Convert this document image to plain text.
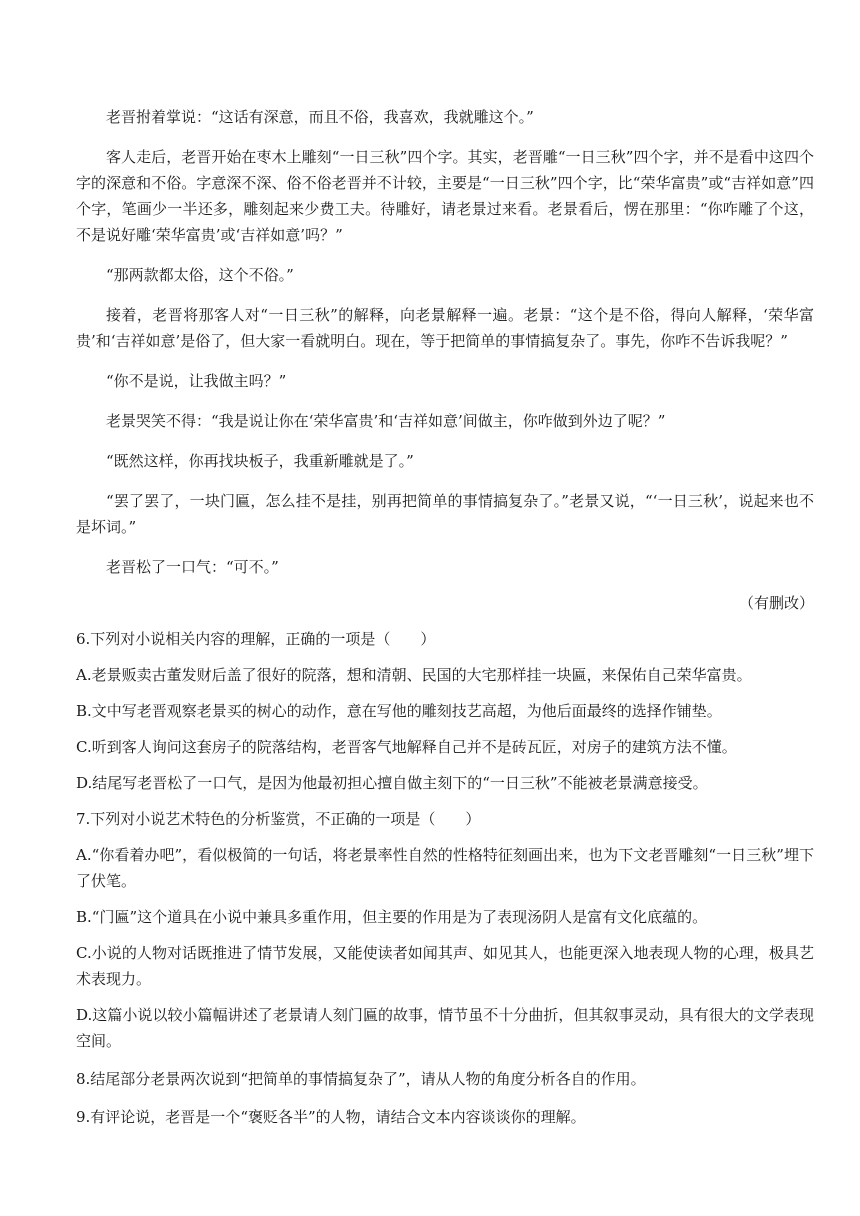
老晋拊着掌说：“这话有深意，而且不俗，我喜欢，我就雕这个。”

客人走后，老晋开始在枣木上雕刻“一日三秋”四个字。其实，老晋雕“一日三秋”四个字，并不是看中这四个字的深意和不俗。字意深不深、俗不俗老晋并不计较，主要是“一日三秋”四个字，比“荣华富贵”或“吉祥如意”四个字，笔画少一半还多，雕刻起来少费工夫。待雕好，请老景过来看。老景看后，愣在那里：“你咋雕了个这，不是说好雕‘荣华富贵’或‘吉祥如意’吗？”

“那两款都太俗，这个不俗。”

接着，老晋将那客人对“一日三秋”的解释，向老景解释一遍。老景：“这个是不俗，得向人解释，‘荣华富贵’和‘吉祥如意’是俗了，但大家一看就明白。现在，等于把简单的事情搞复杂了。事先，你咋不告诉我呢？”

“你不是说，让我做主吗？”

老景哭笑不得：“我是说让你在‘荣华富贵’和‘吉祥如意’间做主，你咋做到外边了呢？”

“既然这样，你再找块板子，我重新雕就是了。”

“罢了罢了，一块门匾，怎么挂不是挂，别再把简单的事情搞复杂了。”老景又说，“‘一日三秋’，说起来也不是坏词。”

老晋松了一口气：“可不。”

（有删改）

6.下列对小说相关内容的理解，正确的一项是（　　）

A.老景贩卖古董发财后盖了很好的院落，想和清朝、民国的大宅那样挂一块匾，来保佑自己荣华富贵。

B.文中写老晋观察老景买的树心的动作，意在写他的雕刻技艺高超，为他后面最终的选择作铺垫。

C.听到客人询问这套房子的院落结构，老晋客气地解释自己并不是砖瓦匠，对房子的建筑方法不懂。

D.结尾写老晋松了一口气，是因为他最初担心擅自做主刻下的“一日三秋”不能被老景满意接受。

7.下列对小说艺术特色的分析鉴赏，不正确的一项是（　　）

A.“你看着办吧”，看似极简的一句话，将老景率性自然的性格特征刻画出来，也为下文老晋雕刻“一日三秋”埋下了伏笔。

B.“门匾”这个道具在小说中兼具多重作用，但主要的作用是为了表现汤阴人是富有文化底蕴的。

C.小说的人物对话既推进了情节发展，又能使读者如闻其声、如见其人，也能更深入地表现人物的心理，极具艺术表现力。

D.这篇小说以较小篇幅讲述了老景请人刻门匾的故事，情节虽不十分曲折，但其叙事灵动，具有很大的文学表现空间。

8.结尾部分老景两次说到“把简单的事情搞复杂了”，请从人物的角度分析各自的作用。

9.有评论说，老晋是一个“褒贬各半”的人物，请结合文本内容谈谈你的理解。
